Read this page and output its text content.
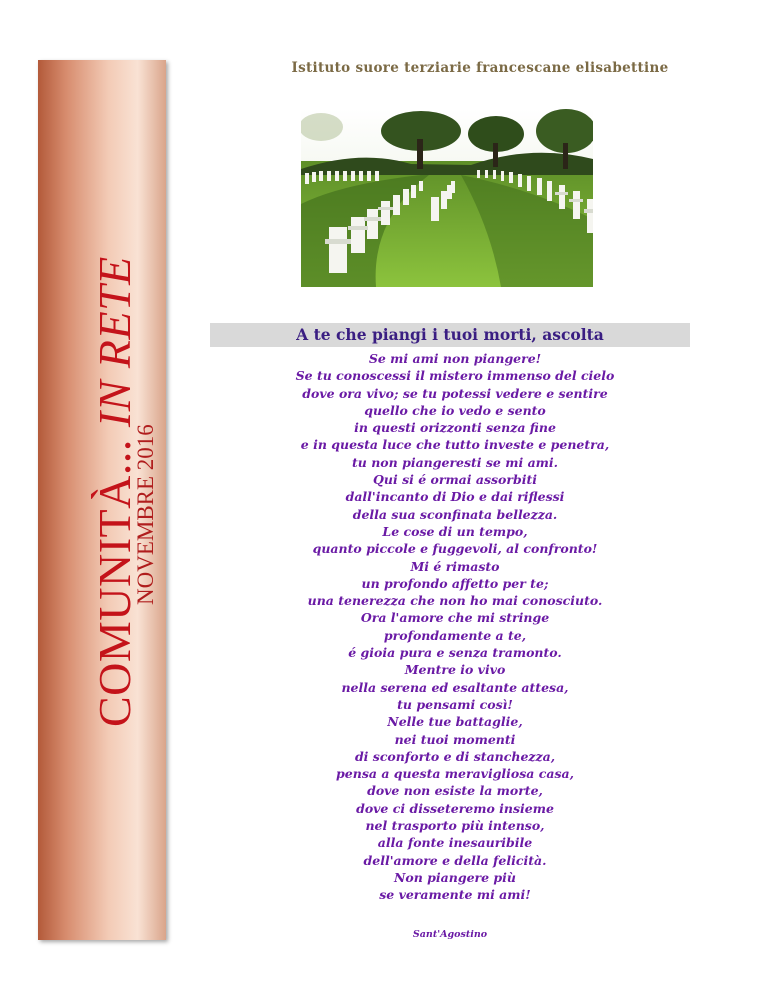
COMUNITÀ... IN RETE
NOVEMBRE 2016
Istituto suore terziarie francescane elisabettine
A te che piangi i tuoi morti, ascolta
Se mi ami non piangere!
Se tu conoscessi il mistero immenso del cielo
dove ora vivo; se tu potessi vedere e sentire
quello che io vedo e sento
in questi orizzonti senza fine
e in questa luce che tutto investe e penetra,
tu non piangeresti se mi ami.
Qui si é ormai assorbiti
dall'incanto di Dio e dai riflessi
della sua sconfinata bellezza.
Le cose di un tempo,
quanto piccole e fuggevoli, al confronto!
Mi é rimasto
un profondo affetto per te;
una tenerezza che non ho mai conosciuto.
Ora l'amore che mi stringe
profondamente a te,
é gioia pura e senza tramonto.
Mentre io vivo
nella serena ed esaltante attesa,
tu pensami così!
Nelle tue battaglie,
nei tuoi momenti
di sconforto e di stanchezza,
pensa a questa meravigliosa casa,
dove non esiste la morte,
dove ci disseteremo insieme
nel trasporto più intenso,
alla fonte inesauribile
dell'amore e della felicità.
Non piangere più
se veramente mi ami!
Sant'Agostino
